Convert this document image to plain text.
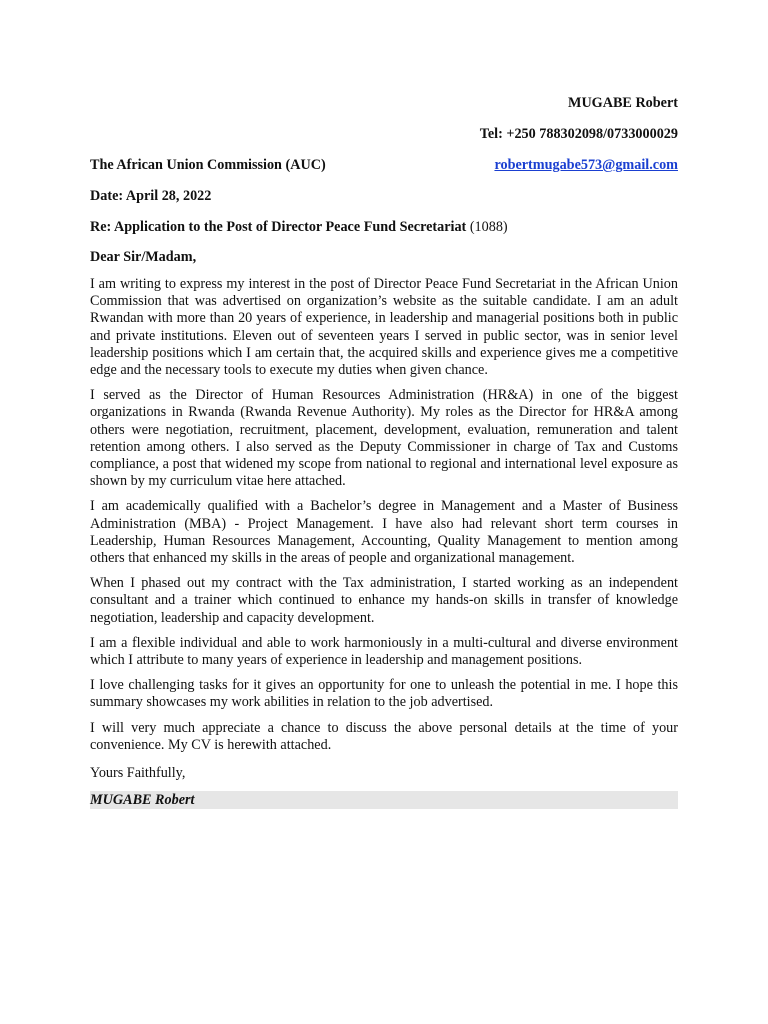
MUGABE Robert
Tel: +250 788302098/0733000029
The African Union Commission (AUC)	robertmugabe573@gmail.com
Date: April 28, 2022
Re: Application to the Post of Director Peace Fund Secretariat (1088)
Dear Sir/Madam,

I am writing to express my interest in the post of Director Peace Fund Secretariat in the African Union Commission that was advertised on organization’s website as the suitable candidate. I am an adult Rwandan with more than 20 years of experience, in leadership and managerial positions both in public and private institutions. Eleven out of seventeen years I served in public sector, was in senior level leadership positions which I am certain that, the acquired skills and experience gives me a competitive edge and the necessary tools to execute my duties when given chance.

I served as the Director of Human Resources Administration (HR&A) in one of the biggest organizations in Rwanda (Rwanda Revenue Authority). My roles as the Director for HR&A among others were negotiation, recruitment, placement, development, evaluation, remuneration and talent retention among others. I also served as the Deputy Commissioner in charge of Tax and Customs compliance, a post that widened my scope from national to regional and international level exposure as shown by my curriculum vitae here attached.

I am academically qualified with a Bachelor’s degree in Management and a Master of Business Administration (MBA) - Project Management. I have also had relevant short term courses in Leadership, Human Resources Management, Accounting, Quality Management to mention among others that enhanced my skills in the areas of people and organizational management.

When I phased out my contract with the Tax administration, I started working as an independent consultant and a trainer which continued to enhance my hands-on skills in transfer of knowledge negotiation, leadership and capacity development.

I am a flexible individual and able to work harmoniously in a multi-cultural and diverse environment which I attribute to many years of experience in leadership and management positions.

I love challenging tasks for it gives an opportunity for one to unleash the potential in me. I hope this summary showcases my work abilities in relation to the job advertised.

I will very much appreciate a chance to discuss the above personal details at the time of your convenience. My CV is herewith attached.

Yours Faithfully,
MUGABE Robert
